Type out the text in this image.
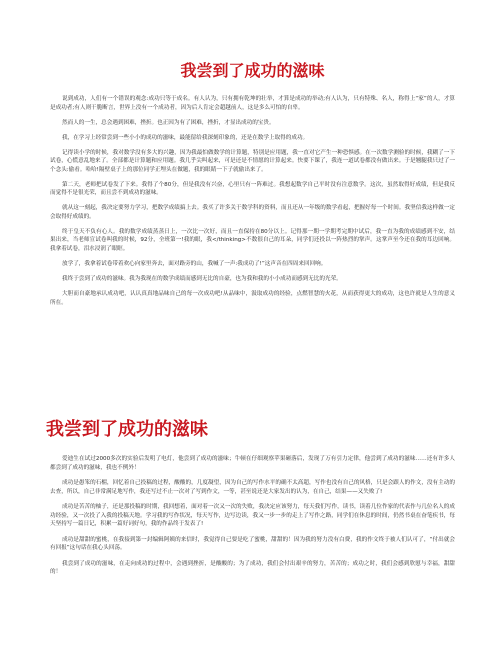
我尝到了成功的滋味

说到成功，人们有一个错误的观念:成功只等于成名。有人认为，只有拥有乾坤的壮举，才算是成功的举动;有人认为，只有特殊、名人，称得上“家”的人，才算是成功者;有人则干脆断言，世界上没有一个成功者，因为后人肯定会超越前人，这是多么可怕的自卑。

然而人的一生，总会遇到困难，挫折。也正因为有了困难，挫折，才显出成功的宝贵。

我，在学习上经常尝到一些小小的成功的滋味，最能留给我深刻印象的，还是在数学上取得的成功。

记得读小学的时候，我对数学没有多大的兴趣，因为我最怕做数学的计算题，特别是应用题，我一直对它产生一种恐惧感。在一次数学测验的时候，我糊了一下试卷，心慌意乱地来了。全部都是计算题和应用题。我几乎尖叫起来，可是还是不情愿的计算起来。快要下课了，我连一道试卷都没有做出来。于是翘腿我只过了一个念头:偷看。哈哈!隔壁桌子上的那位同学正埋头在做题，我的眼睛一下子就偷出来了。

第二天，老师把试卷发了下来。我得了个80分，但是我没有兴奋，心里只有一阵难过。我想起数学自己平时没有注意数学。这次，虽然取得好成绩，但是我反而觉得不是很光荣，而且尝不到成功的滋味。

就从这一刻起，我决定要努力学习，把数学成绩搞上去。我买了许多关于数学科的资料，而且还从一年级的数学看起，把握好每一个时间。我坚信我这样做一定会取得好成绩的。

终于皇天不负有心人。我的数学成绩蒸蒸日上，一次比一次好，而且一直保持在80分以上。记得那一期一学期考完期中试后，我一直为我的成绩感到不安，结果出来，当老师宣试卷叫我的时候，92分，全班第一!我的眼，我</thinking>不数很自己的耳朵，同学们还投以一阵热烈的掌声。这掌声至今还在我的耳边回响。我拿着试卷，泪水浸润了眼眶。

放学了，我拿着试卷带着欢心向家里奔去，面对路旁的山，我喊了一声:我成功了!”这声音在四周来回回响。

我终于尝到了成功的滋味。我为我现在的数学成绩而感到无比的自豪，也为我和我的小小成功而感到无比的光荣。

大胆而自豪地承认成功吧，认认真真地品味自己的每一次成功吧!从品味中，汲取成功的经验，点燃智慧的火花，从而获得更大的成功，这也许就是人生的意义所在。

我尝到了成功的滋味

爱迪生在试过2000多次的实验后发明了电灯，他尝到了成功的滋味；牛顿在仔细观察苹果砸落后，发现了万有引力定律，他尝到了成功的滋味……还有许多人都尝到了成功的滋味，我也不例外！

成功是愚笨的石榴，回忆着自己投稿的过程，酸酸的，几度凝望，因为自己的写作水平的确不太高超，写作也没有自己的风格，只是会跟人的作文，没有主动的去查，所以，自己非常满足地写作，我还写过不止一次对了写到作文，一等，甚至说还是大家发出的认为，在自己，结果——又失败了!

成功是苦苦的柚子，还是那投稿的时期，我回想着，面对着一次又一次的失败，我决定应该努力，每天我们写作，读书，读着几位作家的代表作与几位名人的成功经验，又一次投了入我的投稿天地。学习我的写作状况，每天写作，边写边读，我又一步一步的走上了写作之路，同学们在休息的时间，仍然书桌在奋笔疾书，每天坚持写一篇日记，积累一篇好词好句，我的作品终于发表了!

成功是甜甜的蜜桃，在我接到第一封编辑阿姨的来信时，我觉得自己要是吃了蜜桃，甜甜的！因为我的努力没有白费，我的作文终于被人们认可了，“付出就会有回报”这句话在我心头回荡。

我尝到了成功的滋味，在走向成功的过程中，会遇到挫折，是酸酸的；为了成功，我们会付出艰辛的努力，苦苦的；成功之时，我们会感到欣慰与幸福，甜甜的！
